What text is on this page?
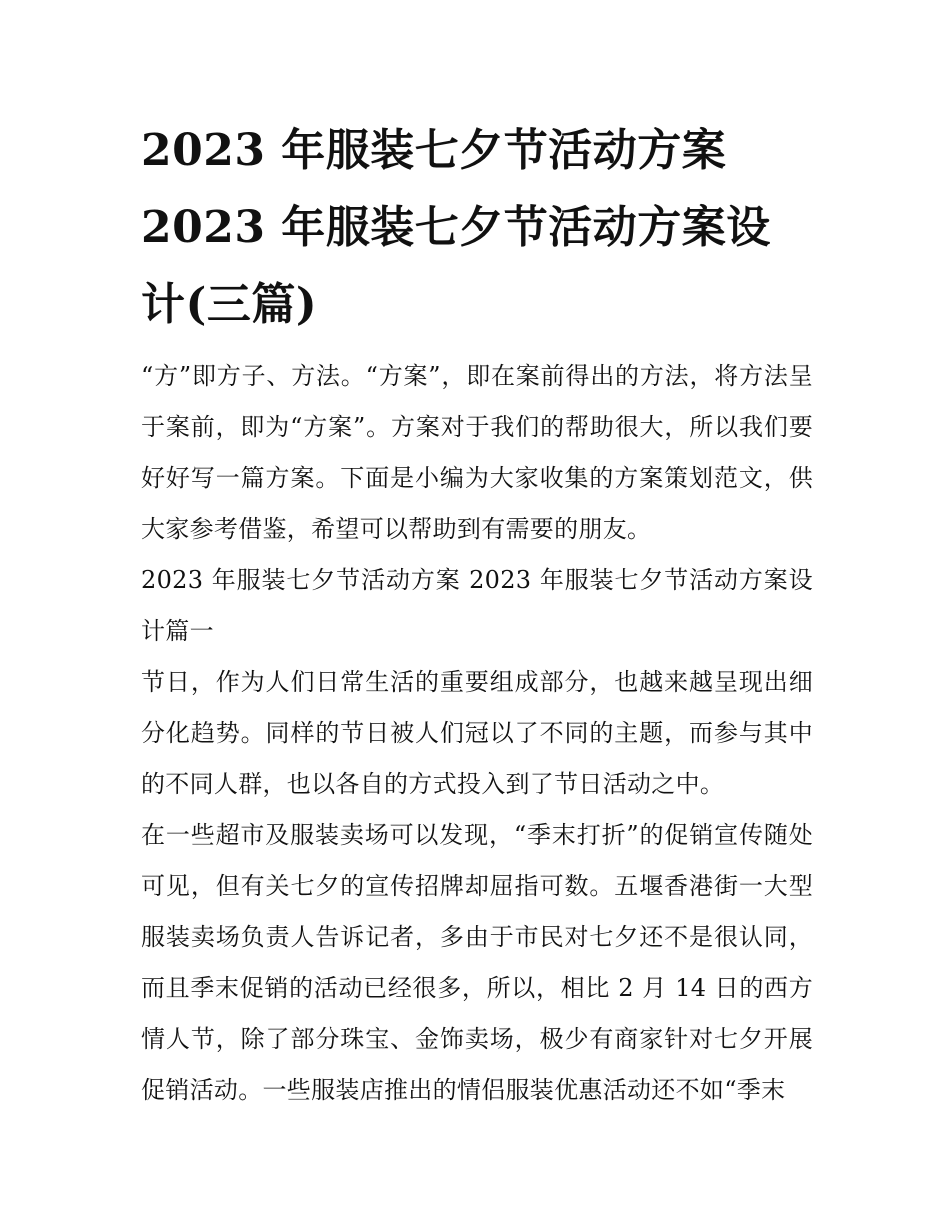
2023 年服装七夕节活动方案
2023 年服装七夕节活动方案设
计(三篇)

“方”即方子、方法。“方案”，即在案前得出的方法，将方法呈于案前，即为“方案”。方案对于我们的帮助很大，所以我们要好好写一篇方案。下面是小编为大家收集的方案策划范文，供大家参考借鉴，希望可以帮助到有需要的朋友。

2023 年服装七夕节活动方案 2023 年服装七夕节活动方案设计篇一

节日，作为人们日常生活的重要组成部分，也越来越呈现出细分化趋势。同样的节日被人们冠以了不同的主题，而参与其中的不同人群，也以各自的方式投入到了节日活动之中。

在一些超市及服装卖场可以发现，“季末打折”的促销宣传随处可见，但有关七夕的宣传招牌却屈指可数。五堰香港街一大型服装卖场负责人告诉记者，多由于市民对七夕还不是很认同，而且季末促销的活动已经很多，所以，相比 2 月 14 日的西方情人节，除了部分珠宝、金饰卖场，极少有商家针对七夕开展促销活动。一些服装店推出的情侣服装优惠活动还不如“季末
